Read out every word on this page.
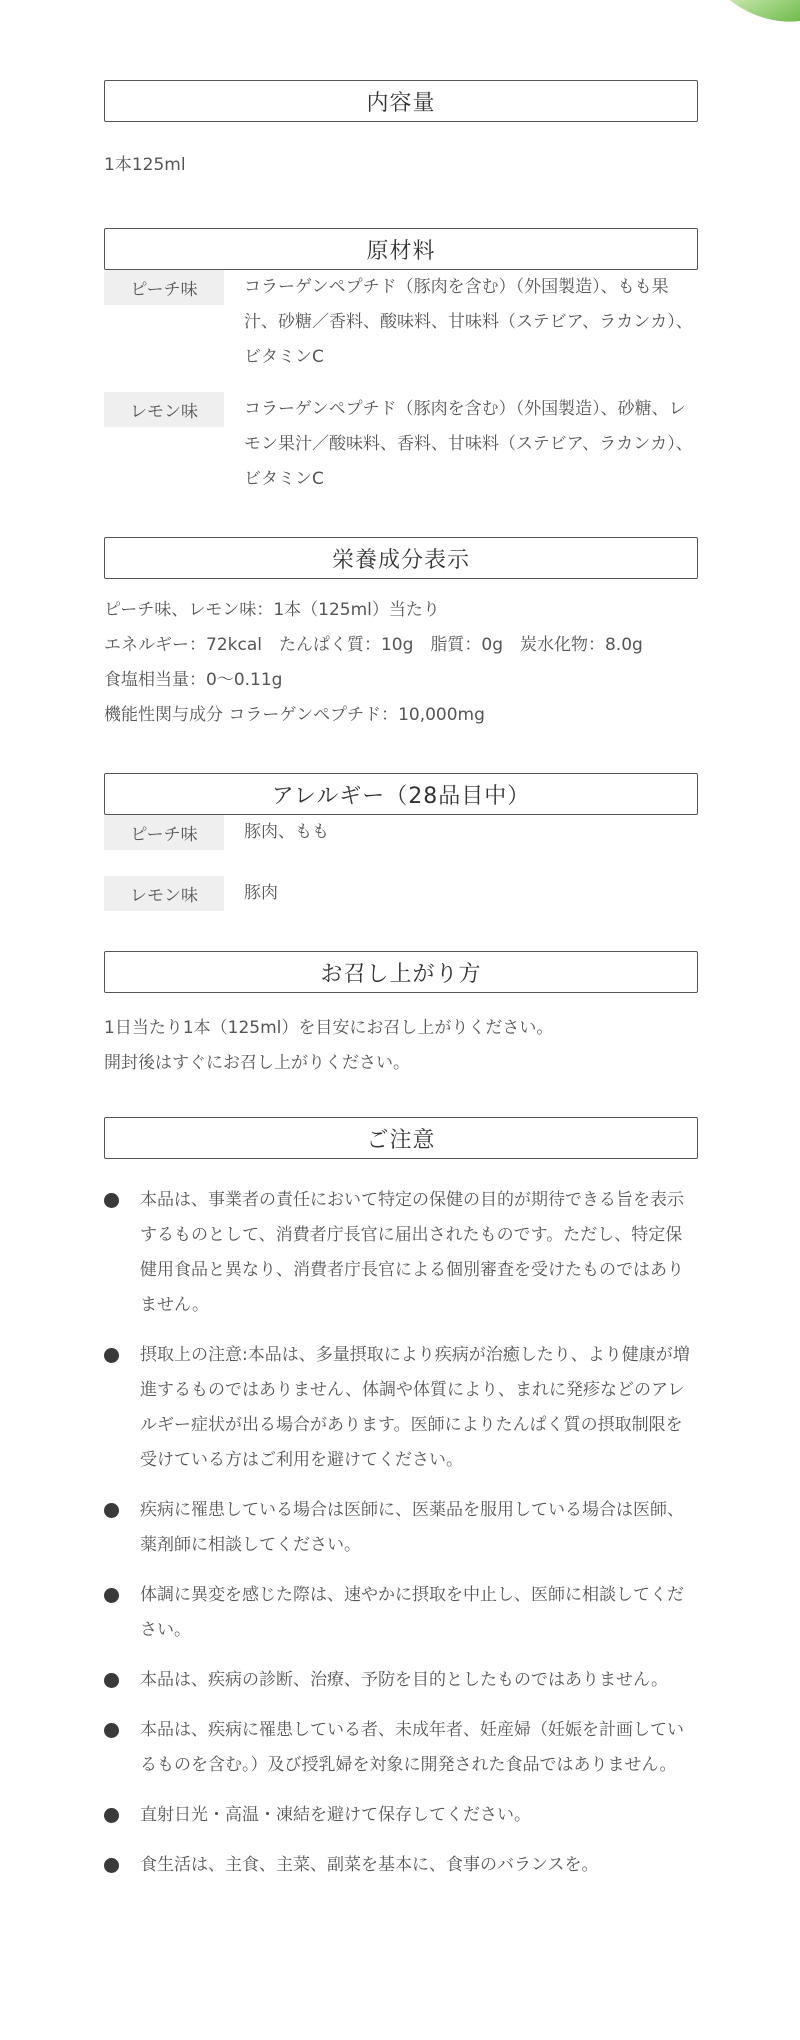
内容量
1本125ml
原材料
ピーチ味	コラーゲンペプチド（豚肉を含む）（外国製造）、もも果汁、砂糖／香料、酸味料、甘味料（ステビア、ラカンカ）、ビタミンC
レモン味	コラーゲンペプチド（豚肉を含む）（外国製造）、砂糖、レモン果汁／酸味料、香料、甘味料（ステビア、ラカンカ）、ビタミンC
栄養成分表示
ピーチ味、レモン味：1本（125ml）当たり
エネルギー：72kcal　たんぱく質：10g　脂質：0g　炭水化物：8.0g
食塩相当量：0〜0.11g
機能性関与成分 コラーゲンペプチド：10,000mg
アレルギー（28品目中）
ピーチ味	豚肉、もも
レモン味	豚肉
お召し上がり方
1日当たり1本（125ml）を目安にお召し上がりください。
開封後はすぐにお召し上がりください。
ご注意
本品は、事業者の責任において特定の保健の目的が期待できる旨を表示するものとして、消費者庁長官に届出されたものです。ただし、特定保健用食品と異なり、消費者庁長官による個別審査を受けたものではありません。
摂取上の注意:本品は、多量摂取により疾病が治癒したり、より健康が増進するものではありません、体調や体質により、まれに発疹などのアレルギー症状が出る場合があります。医師によりたんぱく質の摂取制限を受けている方はご利用を避けてください。
疾病に罹患している場合は医師に、医薬品を服用している場合は医師、薬剤師に相談してください。
体調に異変を感じた際は、速やかに摂取を中止し、医師に相談してください。
本品は、疾病の診断、治療、予防を目的としたものではありません。
本品は、疾病に罹患している者、未成年者、妊産婦（妊娠を計画しているものを含む。）及び授乳婦を対象に開発された食品ではありません。
直射日光・高温・凍結を避けて保存してください。
食生活は、主食、主菜、副菜を基本に、食事のバランスを。
